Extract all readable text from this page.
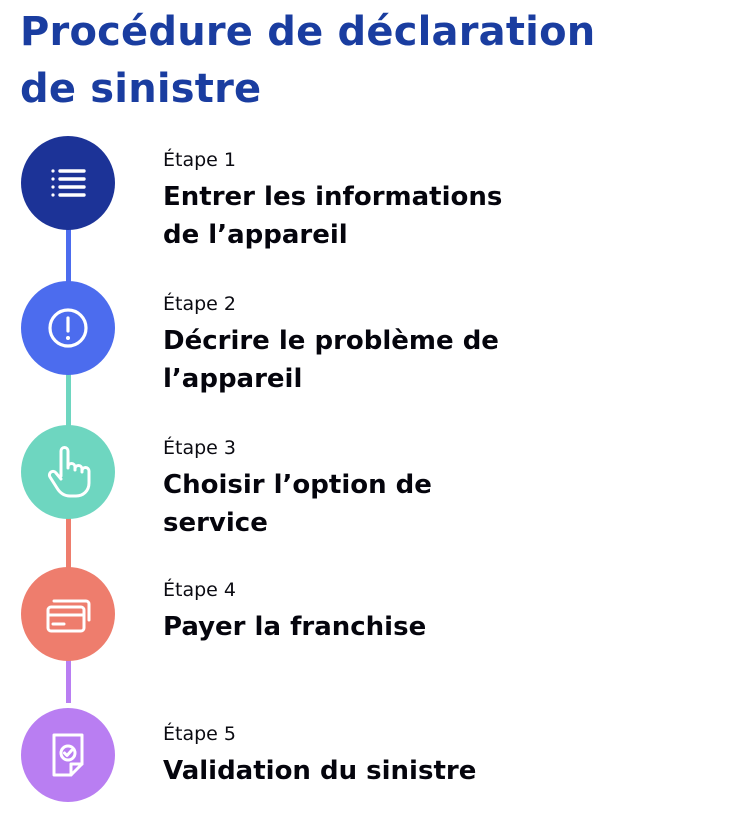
Procédure de déclaration
de sinistre
Étape 1
Entrer les informations
de l’appareil
Étape 2
Décrire le problème de
l’appareil
Étape 3
Choisir l’option de
service
Étape 4
Payer la franchise
Étape 5
Validation du sinistre
